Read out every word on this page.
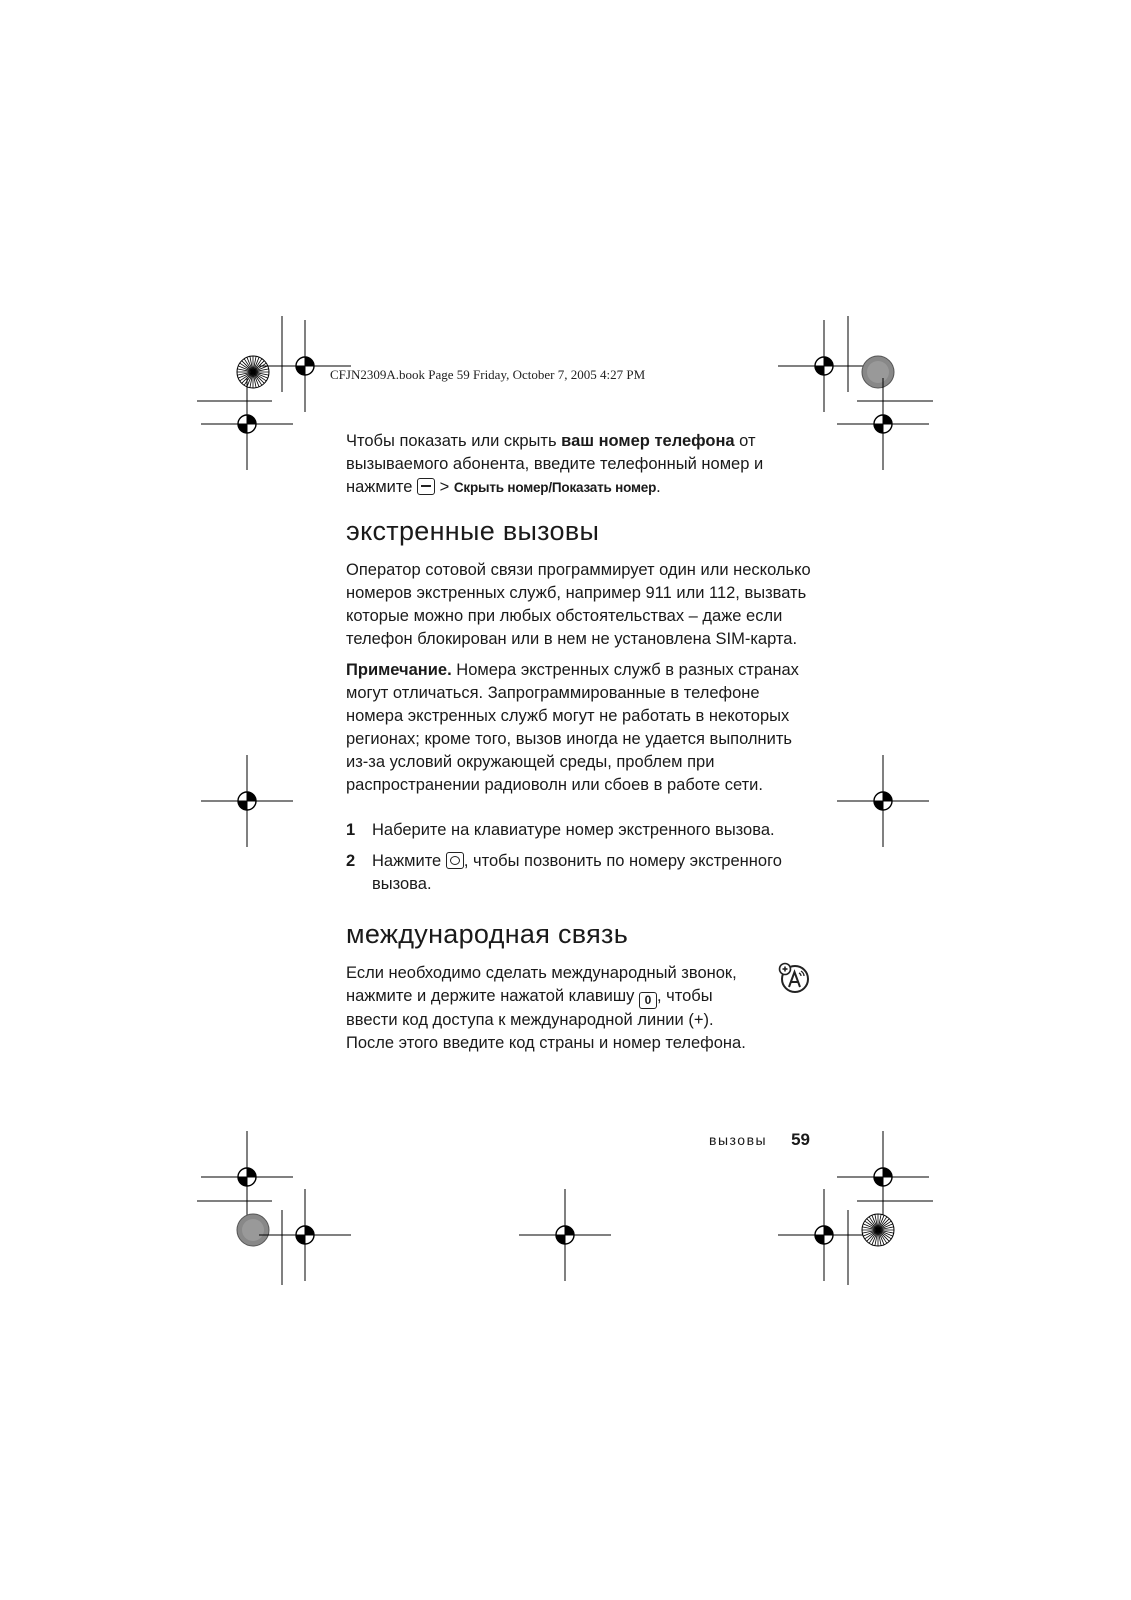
CFJN2309A.book Page 59 Friday, October 7, 2005 4:27 PM

Чтобы показать или скрыть ваш номер телефона от вызываемого абонента, введите телефонный номер и нажмите  > Скрыть номер/Показать номер.

экстренные вызовы

Оператор сотовой связи программирует один или несколько номеров экстренных служб, например 911 или 112, вызвать которые можно при любых обстоятельствах – даже если телефон блокирован или в нем не установлена SIM-карта.

Примечание. Номера экстренных служб в разных странах могут отличаться. Запрограммированные в телефоне номера экстренных служб могут не работать в некоторых регионах; кроме того, вызов иногда не удается выполнить из-за условий окружающей среды, проблем при распространении радиоволн или сбоев в работе сети.

1	Наберите на клавиатуре номер экстренного вызова.
2	Нажмите , чтобы позвонить по номеру экстренного вызова.
международная связь

Если необходимо сделать международный звонок, нажмите и держите нажатой клавишу 0 , чтобы ввести код доступа к международной линии (+). После этого введите код страны и номер телефона.

вызовы 59
